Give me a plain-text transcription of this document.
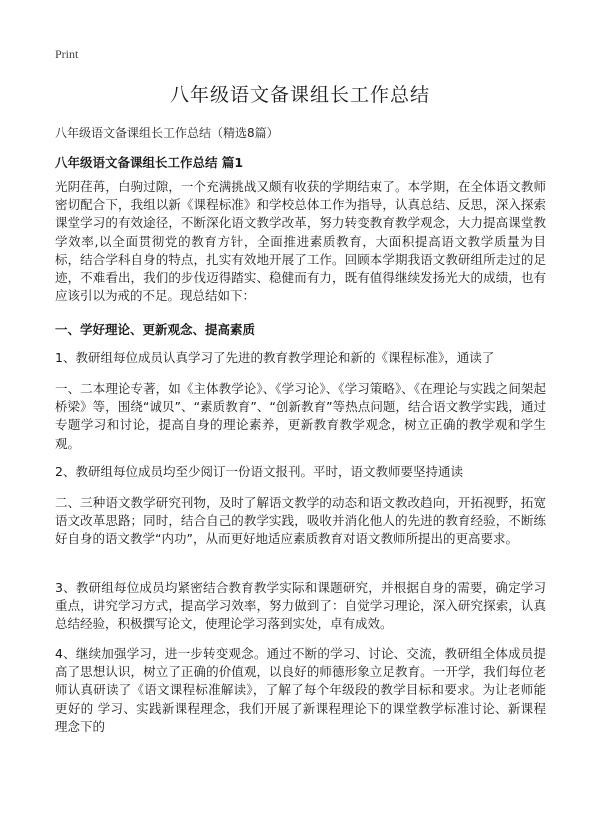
Print
八年级语文备课组长工作总结
八年级语文备课组长工作总结（精选8篇）
八年级语文备课组长工作总结 篇1

光阴荏苒，白驹过隙，一个充满挑战又颇有收获的学期结束了。本学期，在全体语文教师密切配合下，我组以新《课程标准》和学校总体工作为指导，认真总结、反思，深入探索课堂学习的有效途径，不断深化语文教学改革，努力转变教育教学观念，大力提高课堂教学效率,以全面贯彻党的教育方针，全面推进素质教育，大面积提高语文教学质量为目标，结合学科自身的特点，扎实有效地开展了工作。回顾本学期我语文教研组所走过的足迹，不难看出，我们的步伐迈得踏实、稳健而有力，既有值得继续发扬光大的成绩，也有应该引以为戒的不足。现总结如下：

一、学好理论、更新观念、提高素质

1、教研组每位成员认真学习了先进的教育教学理论和新的《课程标准》，通读了

一、二本理论专著，如《主体教学论》、《学习论》、《学习策略》、《在理论与实践之间架起桥梁》等，围绕“诚贝”、“素质教育”、“创新教育”等热点问题，结合语文教学实践，通过专题学习和讨论，提高自身的理论素养，更新教育教学观念，树立正确的教学观和学生观。

2、教研组每位成员均至少阅订一份语文报刊。平时，语文教师要坚持通读

二、三种语文教学研究刊物，及时了解语文教学的动态和语文教改趋向，开拓视野，拓宽语文改革思路；同时，结合自己的教学实践，吸收并消化他人的先进的教育经验，不断练好自身的语文教学“内功”，从而更好地适应素质教育对语文教师所提出的更高要求。

3、教研组每位成员均紧密结合教育教学实际和课题研究，并根据自身的需要，确定学习重点，讲究学习方式，提高学习效率，努力做到了：自觉学习理论，深入研究探索，认真总结经验，积极撰写论文，使理论学习落到实处，卓有成效。

4、继续加强学习，进一步转变观念。通过不断的学习、讨论、交流，教研组全体成员提高了思想认识，树立了正确的价值观，以良好的师德形象立足教育。一开学，我们每位老师认真研读了《语文课程标准解读》，了解了每个年级段的教学目标和要求。为让老师能更好的 学习、实践新课程理念，我们开展了新课程理论下的课堂教学标准讨论、新课程理念下的
